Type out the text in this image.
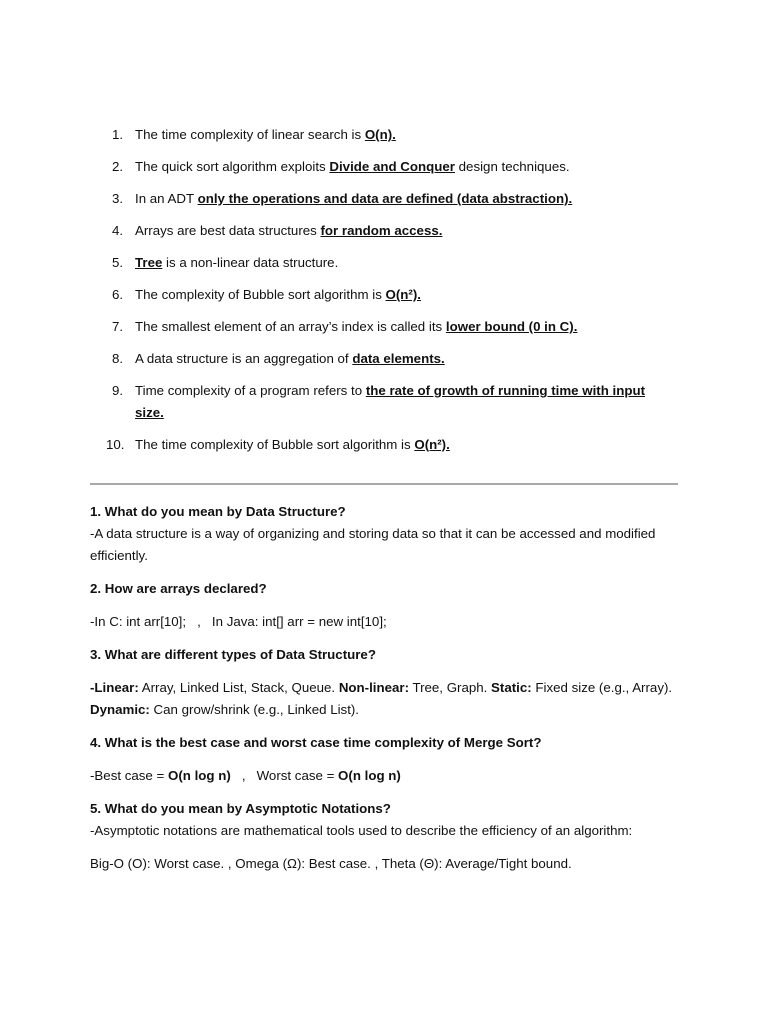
1. The time complexity of linear search is O(n).
2. The quick sort algorithm exploits Divide and Conquer design techniques.
3. In an ADT only the operations and data are defined (data abstraction).
4. Arrays are best data structures for random access.
5. Tree is a non-linear data structure.
6. The complexity of Bubble sort algorithm is O(n²).
7. The smallest element of an array’s index is called its lower bound (0 in C).
8. A data structure is an aggregation of data elements.
9. Time complexity of a program refers to the rate of growth of running time with input size.
10. The time complexity of Bubble sort algorithm is O(n²).
1. What do you mean by Data Structure?
-A data structure is a way of organizing and storing data so that it can be accessed and modified efficiently.
2. How are arrays declared?
-In C: int arr[10];   ,   In Java: int[] arr = new int[10];
3. What are different types of Data Structure?
-Linear: Array, Linked List, Stack, Queue. Non-linear: Tree, Graph. Static: Fixed size (e.g., Array). Dynamic: Can grow/shrink (e.g., Linked List).
4. What is the best case and worst case time complexity of Merge Sort?
-Best case = O(n log n)   ,   Worst case = O(n log n)
5. What do you mean by Asymptotic Notations?
-Asymptotic notations are mathematical tools used to describe the efficiency of an algorithm:
Big-O (O): Worst case. , Omega (Ω): Best case. , Theta (Θ): Average/Tight bound.
